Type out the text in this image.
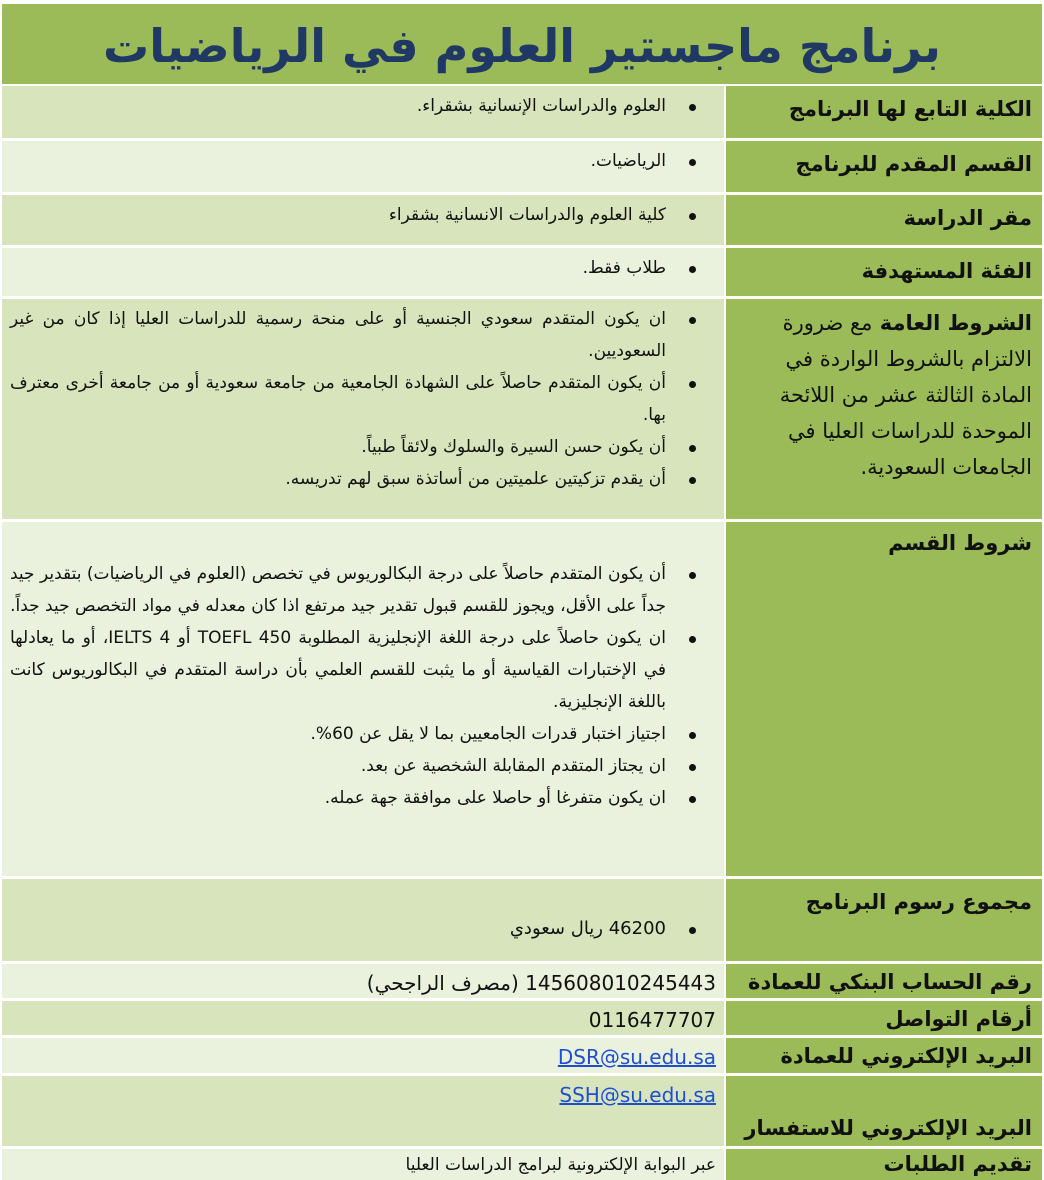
برنامج ماجستير العلوم في الرياضيات
الكلية التابع لها البرنامج
العلوم والدراسات الإنسانية بشقراء.
القسم المقدم للبرنامج
الرياضيات.
مقر الدراسة
كلية العلوم والدراسات الانسانية بشقراء
الفئة المستهدفة
طلاب فقط.
الشروط العامة مع ضرورة الالتزام بالشروط الواردة في المادة الثالثة عشر من اللائحة الموحدة للدراسات العليا في الجامعات السعودية.
ان يكون المتقدم سعودي الجنسية أو على منحة رسمية للدراسات العليا إذا كان من غير السعوديين.
أن يكون المتقدم حاصلاً على الشهادة الجامعية من جامعة سعودية أو من جامعة أخرى معترف بها.
أن يكون حسن السيرة والسلوك ولائقاً طبياً.
أن يقدم تزكيتين علميتين من أساتذة سبق لهم تدريسه.
شروط القسم
أن يكون المتقدم حاصلاً على درجة البكالوريوس في تخصص (العلوم في الرياضيات) بتقدير جيد جداً على الأقل، ويجوز للقسم قبول تقدير جيد مرتفع اذا كان معدله في مواد التخصص جيد جداً.
ان يكون حاصلاً على درجة اللغة الإنجليزية المطلوبة TOEFL 450 أو IELTS 4، أو ما يعادلها في الإختبارات القياسية أو ما يثبت للقسم العلمي بأن دراسة المتقدم في البكالوريوس كانت باللغة الإنجليزية.
اجتياز اختبار قدرات الجامعيين بما لا يقل عن 60%.
ان يجتاز المتقدم المقابلة الشخصية عن بعد.
ان يكون متفرغا أو حاصلا على موافقة جهة عمله.
مجموع رسوم البرنامج
46200 ريال سعودي
رقم الحساب البنكي للعمادة
145608010245443 (مصرف الراجحي)
أرقام التواصل
0116477707
البريد الإلكتروني للعمادة
DSR@su.edu.sa
البريد الإلكتروني للاستفسار
SSH@su.edu.sa
تقديم الطلبات
عبر البوابة الإلكترونية لبرامج الدراسات العليا
